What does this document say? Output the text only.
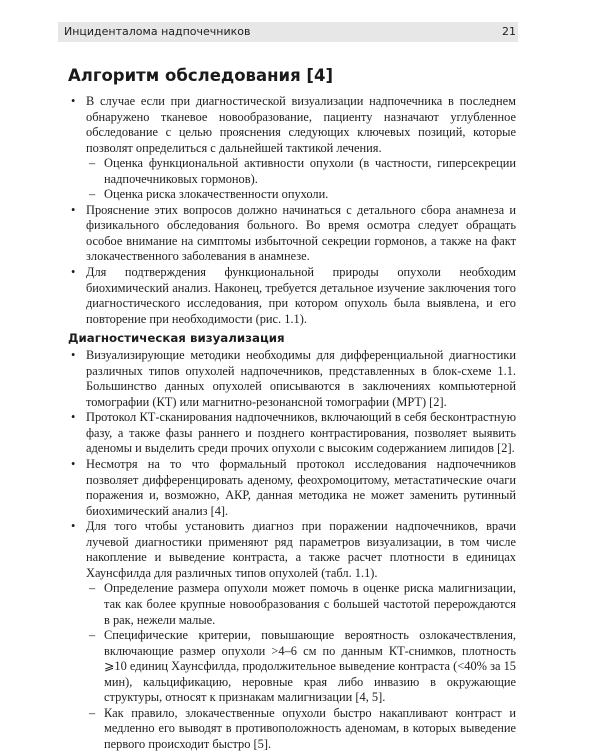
Инциденталома надпочечников	21
Алгоритм обследования [4]
• В случае если при диагностической визуализации надпочечника в последнем обнаружено тканевое новообразование, пациенту назначают углубленное обследование с целью прояснения следующих ключевых позиций, которые позволят определиться с дальнейшей тактикой лечения.
– Оценка функциональной активности опухоли (в частности, гиперсекреции надпочечниковых гормонов).
– Оценка риска злокачественности опухоли.
• Прояснение этих вопросов должно начинаться с детального сбора анамнеза и физикального обследования больного. Во время осмотра следует обращать особое внимание на симптомы избыточной секреции гормонов, а также на факт злокачественного заболевания в анамнезе.
• Для подтверждения функциональной природы опухоли необходим биохимический анализ. Наконец, требуется детальное изучение заключения того диагностического исследования, при котором опухоль была выявлена, и его повторение при необходимости (рис. 1.1).
Диагностическая визуализация
• Визуализирующие методики необходимы для дифференциальной диагностики различных типов опухолей надпочечников, представленных в блок-схеме 1.1. Большинство данных опухолей описываются в заключениях компьютерной томографии (КТ) или магнитно-резонансной томографии (МРТ) [2].
• Протокол КТ-сканирования надпочечников, включающий в себя бесконтрастную фазу, а также фазы раннего и позднего контрастирования, позволяет выявить аденомы и выделить среди прочих опухоли с высоким содержанием липидов [2].
• Несмотря на то что формальный протокол исследования надпочечников позволяет дифференцировать аденому, феохромоцитому, метастатические очаги поражения и, возможно, АКР, данная методика не может заменить рутинный биохимический анализ [4].
• Для того чтобы установить диагноз при поражении надпочечников, врачи лучевой диагностики применяют ряд параметров визуализации, в том числе накопление и выведение контраста, а также расчет плотности в единицах Хаунсфилда для различных типов опухолей (табл. 1.1).
– Определение размера опухоли может помочь в оценке риска малигнизации, так как более крупные новообразования с большей частотой перерождаются в рак, нежели малые.
– Специфические критерии, повышающие вероятность озлокачествления, включающие размер опухоли >4–6 см по данным КТ-снимков, плотность ⩾10 единиц Хаунсфилда, продолжительное выведение контраста (<40% за 15 мин), кальцификацию, неровные края либо инвазию в окружающие структуры, относят к признакам малигнизации [4, 5].
– Как правило, злокачественные опухоли быстро накапливают контраст и медленно его выводят в противоположность аденомам, в которых выведение первого происходит быстро [5].
